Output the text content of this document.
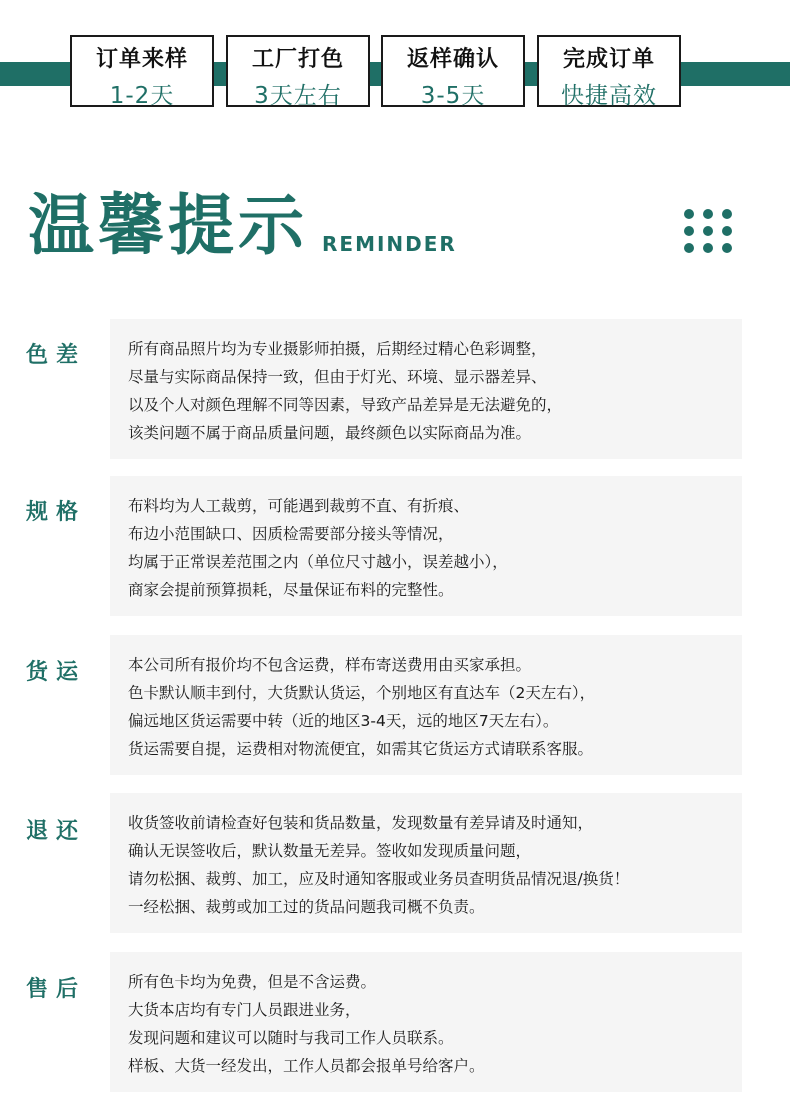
订单来样
1-2天
工厂打色
3天左右
返样确认
3-5天
完成订单
快捷高效
温馨提示 REMINDER
色差	所有商品照片均为专业摄影师拍摄，后期经过精心色彩调整，
尽量与实际商品保持一致，但由于灯光、环境、显示器差异、
以及个人对颜色理解不同等因素，导致产品差异是无法避免的，
该类问题不属于商品质量问题，最终颜色以实际商品为准。
规格	布料均为人工裁剪，可能遇到裁剪不直、有折痕、
布边小范围缺口、因质检需要部分接头等情况，
均属于正常误差范围之内（单位尺寸越小，误差越小），
商家会提前预算损耗，尽量保证布料的完整性。
货运	本公司所有报价均不包含运费，样布寄送费用由买家承担。
色卡默认顺丰到付，大货默认货运，个别地区有直达车（2天左右），
偏远地区货运需要中转（近的地区3-4天，远的地区7天左右）。
货运需要自提，运费相对物流便宜，如需其它货运方式请联系客服。
退还	收货签收前请检查好包装和货品数量，发现数量有差异请及时通知，
确认无误签收后，默认数量无差异。签收如发现质量问题，
请勿松捆、裁剪、加工，应及时通知客服或业务员查明货品情况退/换货！
一经松捆、裁剪或加工过的货品问题我司概不负责。
售后	所有色卡均为免费，但是不含运费。
大货本店均有专门人员跟进业务，
发现问题和建议可以随时与我司工作人员联系。
样板、大货一经发出，工作人员都会报单号给客户。
